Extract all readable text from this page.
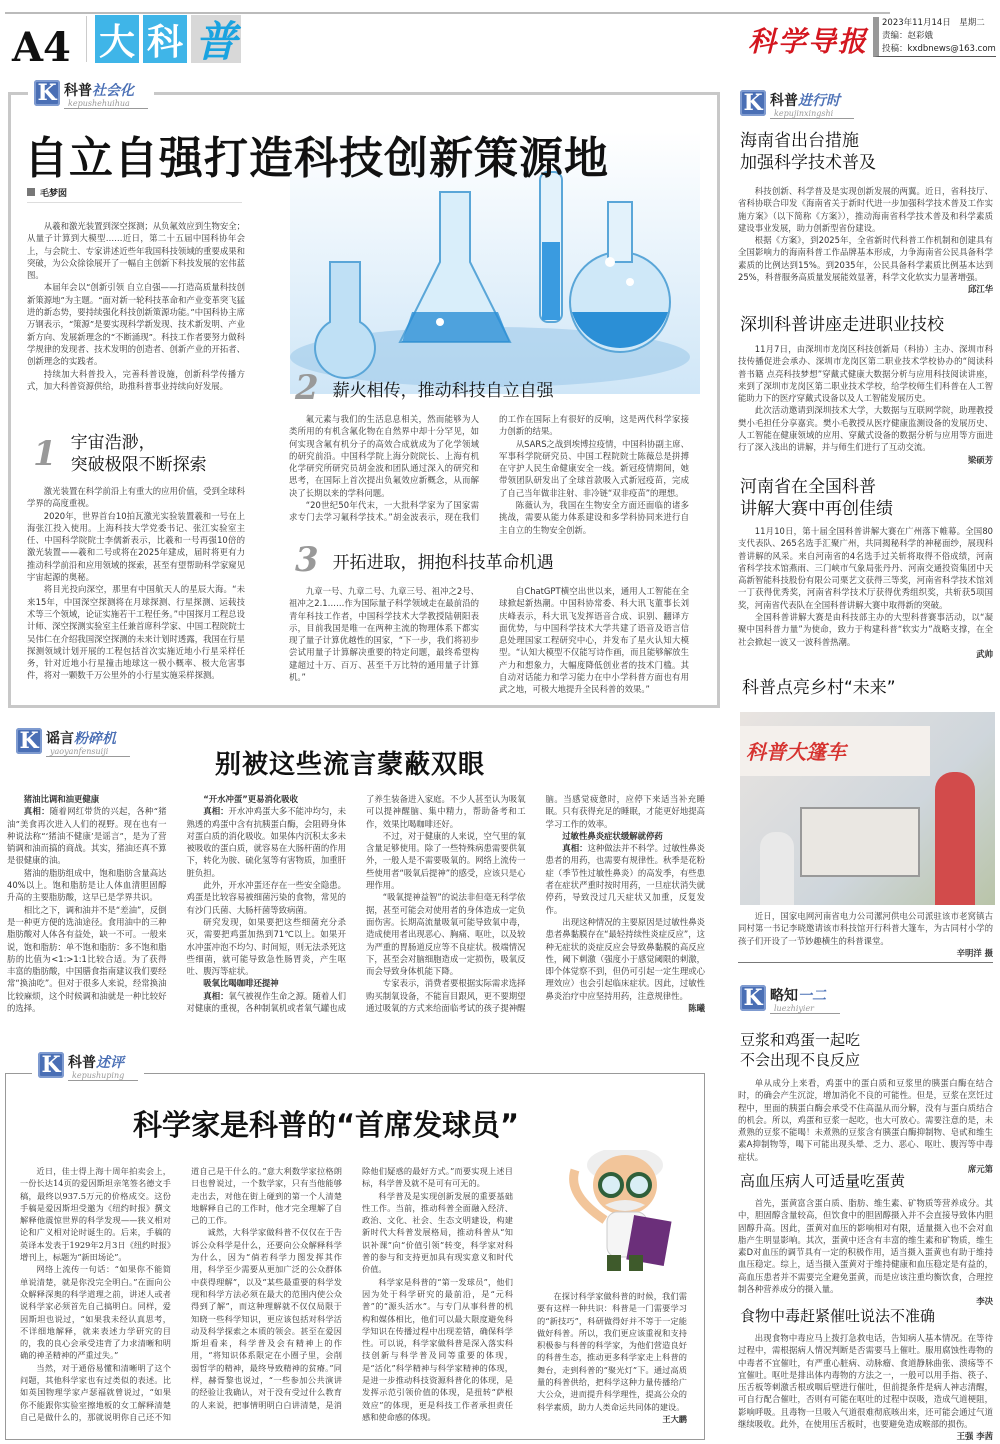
A4 大 科 普	科学导报
2023年11月14日　星期二
责编：赵彩娥
投稿：kxdbnews@163.com
K 科普社会化
kepushehuihua
自立自强打造科技创新策源地
毛梦囡

从羲和激光装置到深空探测；从负氟效应到生物安全；从量子计算到大模型……近日，第二十五届中国科协年会上，与会院士、专家讲述近些年我国科技领域的重要成果和突破，为公众徐徐展开了一幅自主创新下科技发展的宏伟蓝图。

本届年会以“创新引领 自立自强——打造高质量科技创新策源地”为主题。“面对新一轮科技革命和产业变革突飞猛进的新态势，要持续强化科技创新策源功能。”中国科协主席万钢表示，“策源”是要实现科学新发现、技术新发明、产业新方向、发展新理念的“不断涌现”。科技工作者要努力做科学规律的发现者、技术发明的创造者、创新产业的开拓者、创新理念的实践者。

持续加大科普投入，完善科普设施，创新科学传播方式，加大科普资源供给，助推科普事业持续向好发展。

1 宇宙浩渺，
突破极限不断探索

激光装置在科学前沿上有重大的应用价值，受到全球科学界的高度重视。

2020年，世界首台10拍瓦激光实验装置羲和一号在上海张江投入使用。上海科技大学党委书记、张江实验室主任、中国科学院院士李儒新表示，比羲和一号再强10倍的激光装置——羲和二号或将在2025年建成，届时将更有力推动科学前沿和应用领域的探索，甚至有望帮助科学家窥见宇宙起源的奥秘。

将目光投向深空，那里有中国航天人的星辰大海。“未来15年，中国深空探测将在月球探测、行星探测、运载技术等三个领域，论证实施若干工程任务。”中国探月工程总设计师、深空探测实验室主任兼首席科学家、中国工程院院士吴伟仁在介绍我国深空探测的未来计划时透露，我国在行星探测领域计划开展的工程包括首次实施近地小行星采样任务，针对近地小行星撞击地球这一极小概率、极大危害事件，将对一颗数千万公里外的小行星实施采样探测。

2 薪火相传，推动科技自立自强

氟元素与我们的生活息息相关，然而能够为人类所用的有机含氟化物在自然界中却十分罕见，如何实现含氟有机分子的高效合成就成为了化学领域的研究前沿。中国科学院上海分院院长、上海有机化学研究所研究员胡金波和团队通过深入的研究和思考，在国际上首次提出负氟效应新概念，从而解决了长期以来的学科问题。

“20世纪50年代末，一大批科学家为了国家需求专门去学习氟科学技术。”胡金波表示，现在我们的工作在国际上有很好的反响，这是两代科学家接力创新的结果。

从SARS之战到埃博拉疫情，中国科协副主席、军事科学院研究员、中国工程院院士陈薇总是拼搏在守护人民生命健康安全一线。新冠疫情期间，她带领团队研发出了全球首款吸入式新冠疫苗，完成了自己当年做非注射、非冷链“双非疫苗”的理想。

陈薇认为，我国在生物安全方面还面临的诸多挑战，需要从能力体系建设和多学科协同来进行自主自立的生物安全创新。

3 开拓进取，拥抱科技革命机遇

九章一号、九章二号、九章三号、祖冲之2号、祖冲之2.1……作为国际量子科学领域走在最前沿的青年科技工作者，中国科学技术大学教授陆朝阳表示，目前我国是唯一在两种主流的物理体系下都实现了量子计算优越性的国家，“下一步，我们将初步尝试用量子计算解决重要的特定问题，最终希望构建超过十万、百万、甚至千万比特的通用量子计算机。”

自ChatGPT横空出世以来，通用人工智能在全球掀起新热潮。中国科协常委、科大讯飞董事长刘庆峰表示，科大讯飞发挥语音合成、识别、翻译方面优势，与中国科学技术大学共建了语音及语言信息处理国家工程研究中心，并发布了星火认知大模型。“认知大模型不仅能写诗作画，而且能够解放生产力和想象力，大幅度降低创业者的技术门槛。其自动对话能力和学习能力在中小学科普方面也有用武之地，可极大地提升全民科普的效果。”

K 科普进行时
kepujinxingshi
海南省出台措施
加强科学技术普及

科技创新、科学普及是实现创新发展的两翼。近日，省科技厅、省科协联合印发《海南省关于新时代进一步加强科学技术普及工作实施方案》（以下简称《方案》），推动海南省科学技术普及和科学素质建设事业发展，助力创新型省份建设。

根据《方案》，到2025年，全省新时代科普工作机制和创建具有全国影响力的海南科普工作品牌基本形成，力争海南省公民具备科学素质的比例达到15%。到2035年，公民具备科学素质比例基本达到25%，科普服务高质量发展能效显著，科学文化软实力显著增强。

邱江华

深圳科普讲座走进职业技校

11月7日，由深圳市龙岗区科技创新局（科协）主办、深圳市科技传播促进会承办、深圳市龙岗区第二职业技术学校协办的“阅读科普书籍 点亮科技梦想”穿戴式健康大数据分析与应用科技阅读讲座，来到了深圳市龙岗区第二职业技术学校，给学校师生们科普在人工智能助力下的医疗穿戴式设备以及人工智能发展历史。

此次活动邀请到深圳技术大学，大数据与互联网学院，助理教授樊小毛担任分享嘉宾。樊小毛教授从医疗健康监测设备的发展历史、人工智能在健康领域的应用、穿戴式设备的数据分析与应用等方面进行了深入浅出的讲解，并与师生们进行了互动交流。

梁硕芳

河南省在全国科普
讲解大赛中再创佳绩

11月10日，第十届全国科普讲解大赛在广州落下帷幕。全国80支代表队、265名选手汇聚广州，共同揭秘科学的神秘面纱，展现科普讲解的风采。来自河南省的4名选手过关斩将取得不俗成绩，河南省科学技术馆燕雨、三门峡市气象局张丹丹、河南交通投资集团中天高新智能科技股份有限公司栗艺文获得三等奖，河南省科学技术馆刘一丁获得优秀奖，河南省科学技术厅获得优秀组织奖，共斩获5项国奖，河南省代表队在全国科普讲解大赛中取得新的突破。

全国科普讲解大赛是由科技部主办的大型科普赛事活动，以“凝聚中国科普力量”为使命，致力于构建科普“软实力”战略支撑，在全社会掀起一波又一波科普热潮。

武帅

科普点亮乡村“未来”
科普大篷车

近日，国家电网河南省电力公司漯河供电公司派驻该市老窝镇古同村第一书记李晓邀请该市科技馆开行科普大篷车，为古同村小学的孩子们开设了一节妙趣横生的科普课堂。

辛明洋 摄

K 略知一二
luezhiyier
豆浆和鸡蛋一起吃
不会出现不良反应

单从成分上来看，鸡蛋中的蛋白质和豆浆里的胰蛋白酶在结合时，的确会产生沉淀，增加消化不良的可能性。但是，豆浆在烹饪过程中，里面的胰蛋白酶会承受不住高温从而分解，没有与蛋白质结合的机会。所以，鸡蛋和豆浆一起吃，也大可放心。需要注意的是，未煮熟的豆浆不能喝！未煮熟的豆浆含有胰蛋白酶抑制物、皂甙和维生素A抑制物等，喝下可能出现头晕、乏力、恶心、呕吐、腹泻等中毒症状。

席元第

高血压病人可适量吃蛋黄

首先，蛋黄富含蛋白质、脂肪、维生素、矿物质等营养成分。其中，胆固醇含量较高，但饮食中的胆固醇摄入并不会直接导致体内胆固醇升高。因此，蛋黄对血压的影响相对有限，适量摄入也不会对血脂产生明显影响。其次，蛋黄中还含有丰富的维生素和矿物质，维生素D对血压的调节具有一定的积极作用，适当摄入蛋黄也有助于维持血压稳定。综上，适当摄入蛋黄对于维持健康和血压稳定是有益的，高血压患者并不需要完全避免蛋黄，而是应该注重均衡饮食，合理控制各种营养成分的摄入量。

李决

食物中毒赶紧催吐说法不准确

出现食物中毒应马上拨打急救电话，告知病人基本情况。在等待过程中，需根据病人情况判断是否需要马上催吐。服用腐蚀性毒物的中毒者不宜催吐，有严重心脏病、动脉瘤、食道静脉曲张、溃疡等不宜催吐。呕吐是排出体内毒物的方法之一，一般可以用手指、筷子、压舌板等刺激舌根或咽后壁进行催吐，但前提条件是病人神志清醒，可自行配合催吐，否则有可能在呕吐的过程中误吸，造成气道梗阻，影响呼吸。且毒物一旦吸入气道很难彻底咳出来，还可能会通过气道继续吸收。此外，在使用压舌板时，也要避免造成喉部的损伤。

王强 李茜

K 谣言粉碎机
yaoyanfensuiji	别被这些流言蒙蔽双眼

猪油比调和油更健康

真相：随着网红带货的兴起，各种“猪油”美食再次进入人们的视野。现在也有一种说法称“‘猪油不健康’是谣言”，是为了营销调和油而搞的商战。其实，猪油还真不算是很健康的油。

猪油的脂肪组成中，饱和脂肪含量高达40%以上。饱和脂肪是让人体血清胆固醇升高的主要脂肪酸，这早已是学界共识。

相比之下，调和油并不是“差油”，反倒是一种更方便的选油途径。食用油中的三种脂肪酸对人体各有益处，缺一不可。一般来说，饱和脂肪：单不饱和脂肪：多不饱和脂肪的比值为<1:>1:1比较合适。为了获得丰富的脂肪酸，中国膳食指南建议我们要经常“换油吃”。但对于很多人来说，经常换油比较麻烦，这个时候调和油就是一种比较好的选择。

“开水冲蛋”更易消化吸收

真相：开水冲鸡蛋大多不能冲均匀，未熟透的鸡蛋中含有抗胰蛋白酶，会阻碍身体对蛋白质的消化吸收。如果体内沉积太多未被吸收的蛋白质，就容易在大肠杆菌的作用下，转化为胺、硫化氢等有害物质，加重肝脏负担。

此外，开水冲蛋还存在一些安全隐患。鸡蛋是比较容易被细菌污染的食物，常见的有沙门氏菌、大肠杆菌等致病菌。

研究发现，如果要把这些细菌充分杀灭，需要把鸡蛋加热到71℃以上。如果开水冲蛋冲泡不均匀、时间短，则无法杀死这些细菌，就可能导致急性肠胃炎，产生呕吐、腹泻等症状。

吸氧比喝咖啡还提神

真相：氧气被视作生命之源。随着人们对健康的重视，各种制氧机或者氧气罐也成了养生装备进入家庭。不少人甚至认为吸氧可以提神醒脑、集中精力，帮助备考和工作，效果比喝咖啡还好。

不过，对于健康的人来说，空气里的氧含量足够使用。除了一些特殊病患需要供氧外，一般人是不需要吸氧的。网络上流传一些使用者“吸氧后提神”的感受，应该只是心理作用。

“吸氧提神益智”的说法非但毫无科学依据，甚至可能会对使用者的身体造成一定负面伤害。长期高流量吸氧可能导致氧中毒，造成使用者出现恶心、胸痛、呕吐，以及较为严重的胃肠道反应等不良症状。极端情况下，甚至会对脑细胞造成一定损伤，吸氧反而会导致身体机能下降。

专家表示，消费者要根据实际需求选择购买制氧设备，不能盲目跟风，更不要期望通过吸氧的方式来给面临考试的孩子提神醒脑。当感觉疲惫时，应停下来适当补充睡眠。只有获得充足的睡眠，才能更好地提高学习工作的效率。

过敏性鼻炎症状缓解就停药

真相：这种做法并不科学。过敏性鼻炎患者的用药，也需要有规律性。秋季是花粉症（季节性过敏性鼻炎）的高发季，有些患者在症状严重时按时用药，一旦症状消失就停药，导致没过几天症状又加重，反复发作。

出现这种情况的主要原因是过敏性鼻炎患者鼻黏膜存在“最轻持续性炎症反应”，这种无症状的炎症反应会导致鼻黏膜的高反应性，阈下刺激（强度小于感觉阈限的刺激，即个体觉察不到，但仍可引起一定生理或心理效应）也会引起临床症状。因此，过敏性鼻炎治疗中应坚持用药，注意规律性。

陈曦

K 科普述评
kepushuping
科学家是科普的“首席发球员”

近日，佳士得上海十周年拍卖会上，一份长达14页的爱因斯坦亲笔签名德文手稿，最终以937.5万元的价格成交。这份手稿是爱因斯坦受邀为《纽约时报》撰文解释他震惊世界的科学发现——狭义相对论和广义相对论时诞生的。后来，手稿的英译本发表于1929年2月3日《纽约时报》增刊上，标题为“新田场论”。

网络上流传一句话：“如果你不能简单说清楚，就是你没完全明白。”在面向公众解释深奥的科学道理之前，讲述人或者说科学家必须首先自己搞明白。同样，爱因斯坦也说过，“如果我未经认真思考，不详细地解释，就来表述力学研究的目的，我的良心会承受违背了力求清晰和明确的神圣精神的严重过失。”

当然，对于通俗易懂和清晰明了这个问题，其他科学家也有过类似的表述。比如英国物理学家卢瑟福就曾说过，“如果你不能跟你实验室擦地板的女工解释清楚自己是做什么的，那就说明你自己还不知道自己是干什么的。”意大利数学家拉格朗日也曾说过，一个数学家，只有当他能够走出去，对他在街上碰到的第一个人清楚地解释自己的工作时，他才完全理解了自己的工作。

诚然，大科学家做科普不仅仅在于告诉公众科学是什么，还要向公众解释科学为什么，因为“倘若科学力图发挥其作用，科学至少需要从更加广泛的公众群体中获得理解”，以及“某些最重要的科学发现和科学方法必须在最大的范围内使公众得到了解”，而这种理解就不仅仅局限于知晓一些科学知识，更应该包括对科学活动及科学探索之本质的领会。甚至在爱因斯坦看来，科学普及会有精神上的作用，“将知识体系限定在小圈子里，会削弱哲学的精神，最终导致精神的贫瘠。”同样，赫胥黎也说过，“一些参加公共演讲的经验让我确认，对于没有受过什么教育的人来说，把事情明明白白讲清楚，是消除他们疑惑的最好方式。”而要实现上述目标，科学普及就不是可有可无的。

科学普及是实现创新发展的重要基础性工作。当前，推动科普全面融入经济、政治、文化、社会、生态文明建设，构建新时代大科普发展格局，推动科普从“知识补课”向“价值引领”转变，科学家对科普的参与和支持更加具有现实意义和时代价值。

科学家是科普的“第一发球员”，他们因为处于科学研究的最前沿，是“元科普”的“源头活水”。与专门从事科普的机构和媒体相比，他们可以最大限度避免科学知识在传播过程中出现差错，确保科学性。可以说，科学家做科普是深入落实科技创新与科学普及同等重要的体现，是“活化”科学精神与科学家精神的体现，是进一步推动科技资源科普化的体现，是发挥示范引领价值的体现，是扭转“萨根效应”的体现，更是科技工作者承担责任感和使命感的体现。

在探讨科学家做科普的时候，我们需要有这样一种共识：科普是一门需要学习的“新技巧”，科研做得好并不等于一定能做好科普。所以，我们更应该重视和支持积极参与科普的科学家，为他们营造良好的科普生态，推动更多科学家走上科普的舞台，走到科普的“聚光灯”下。通过高质量的科普供给，把科学这种力量传播给广大公众，进而提升科学理性，提高公众的科学素质，助力人类命运共同体的建设。

王大鹏
